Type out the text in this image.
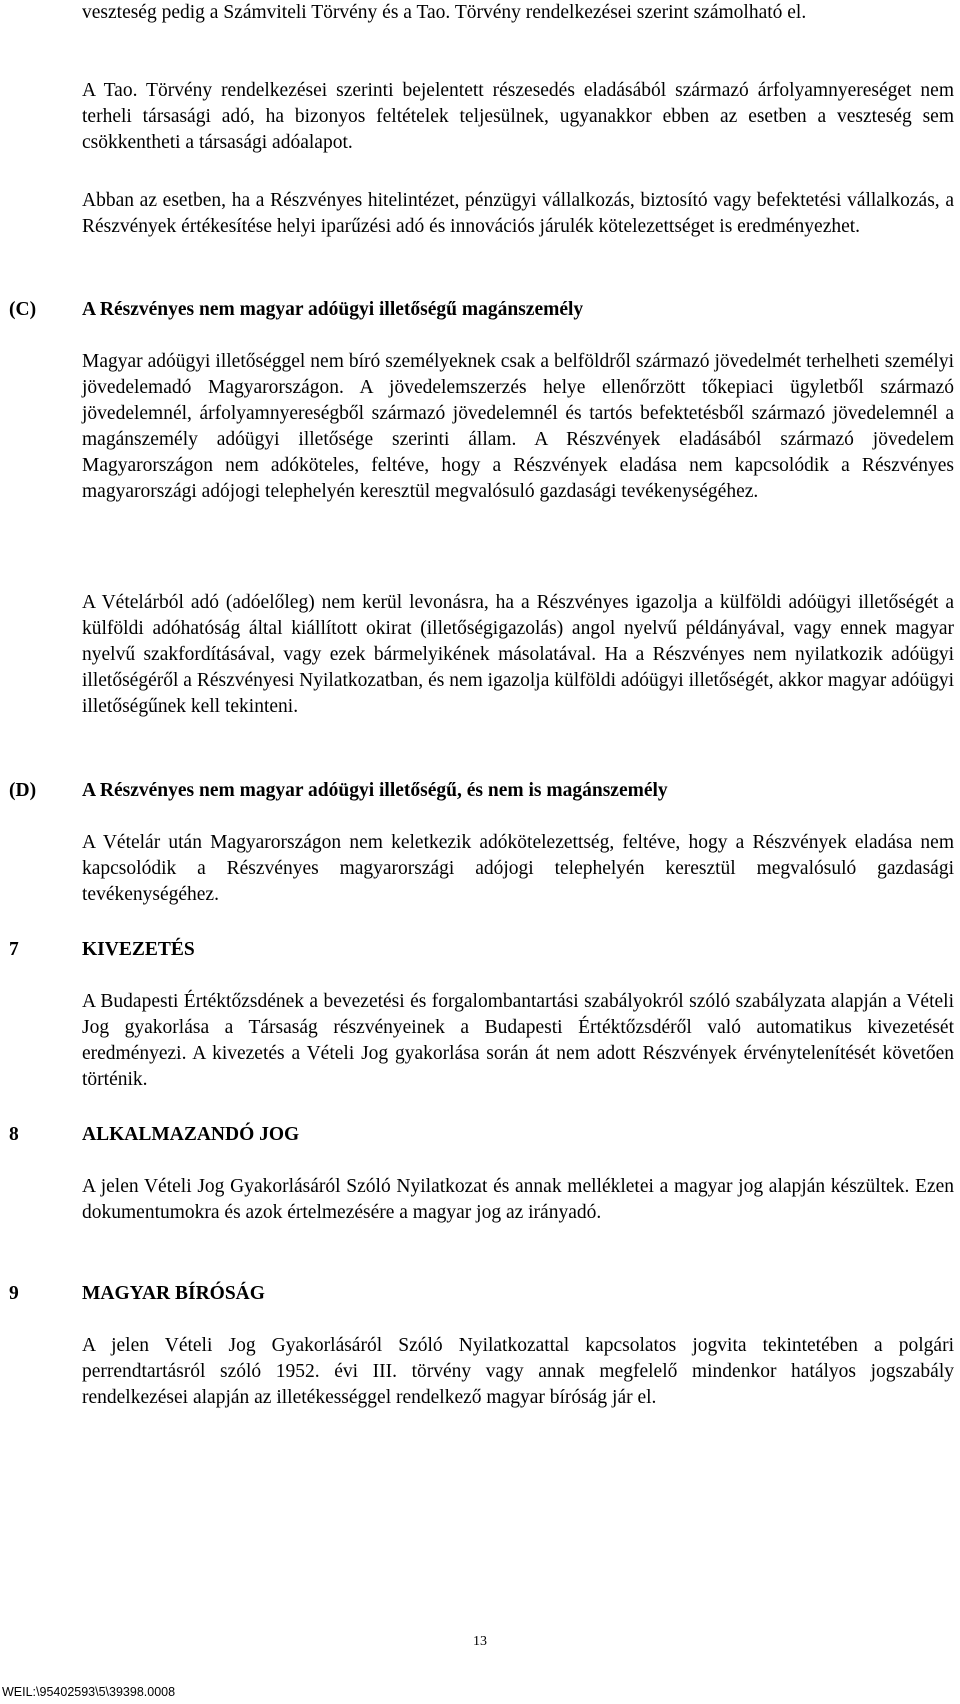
veszteség pedig a Számviteli Törvény és a Tao. Törvény rendelkezései szerint számolható el.

A Tao. Törvény rendelkezései szerinti bejelentett részesedés eladásából származó árfolyamnyereséget nem terheli társasági adó, ha bizonyos feltételek teljesülnek, ugyanakkor ebben az esetben a veszteség sem csökkentheti a társasági adóalapot.

Abban az esetben, ha a Részvényes hitelintézet, pénzügyi vállalkozás, biztosító vagy befektetési vállalkozás, a Részvények értékesítése helyi iparűzési adó és innovációs járulék kötelezettséget is eredményezhet.

(C) A Részvényes nem magyar adóügyi illetőségű magánszemély

Magyar adóügyi illetőséggel nem bíró személyeknek csak a belföldről származó jövedelmét terhelheti személyi jövedelemadó Magyarországon. A jövedelemszerzés helye ellenőrzött tőkepiaci ügyletből származó jövedelemnél, árfolyamnyereségből származó jövedelemnél és tartós befektetésből származó jövedelemnél a magánszemély adóügyi illetősége szerinti állam. A Részvények eladásából származó jövedelem Magyarországon nem adóköteles, feltéve, hogy a Részvények eladása nem kapcsolódik a Részvényes magyarországi adójogi telephelyén keresztül megvalósuló gazdasági tevékenységéhez.

A Vételárból adó (adóelőleg) nem kerül levonásra, ha a Részvényes igazolja a külföldi adóügyi illetőségét a külföldi adóhatóság által kiállított okirat (illetőségigazolás) angol nyelvű példányával, vagy ennek magyar nyelvű szakfordításával, vagy ezek bármelyikének másolatával. Ha a Részvényes nem nyilatkozik adóügyi illetőségéről a Részvényesi Nyilatkozatban, és nem igazolja külföldi adóügyi illetőségét, akkor magyar adóügyi illetőségűnek kell tekinteni.

(D) A Részvényes nem magyar adóügyi illetőségű, és nem is magánszemély

A Vételár után Magyarországon nem keletkezik adókötelezettség, feltéve, hogy a Részvények eladása nem kapcsolódik a Részvényes magyarországi adójogi telephelyén keresztül megvalósuló gazdasági tevékenységéhez.

7	KIVEZETÉS

A Budapesti Értéktőzsdének a bevezetési és forgalombantartási szabályokról szóló szabályzata alapján a Vételi Jog gyakorlása a Társaság részvényeinek a Budapesti Értéktőzsdéről való automatikus kivezetését eredményezi. A kivezetés a Vételi Jog gyakorlása során át nem adott Részvények érvénytelenítését követően történik.

8	ALKALMAZANDÓ JOG

A jelen Vételi Jog Gyakorlásáról Szóló Nyilatkozat és annak mellékletei a magyar jog alapján készültek. Ezen dokumentumokra és azok értelmezésére a magyar jog az irányadó.

9	MAGYAR BÍRÓSÁG

A jelen Vételi Jog Gyakorlásáról Szóló Nyilatkozattal kapcsolatos jogvita tekintetében a polgári perrendtartásról szóló 1952. évi III. törvény vagy annak megfelelő mindenkor hatályos jogszabály rendelkezései alapján az illetékességgel rendelkező magyar bíróság jár el.

13
WEIL:\95402593\5\39398.0008
